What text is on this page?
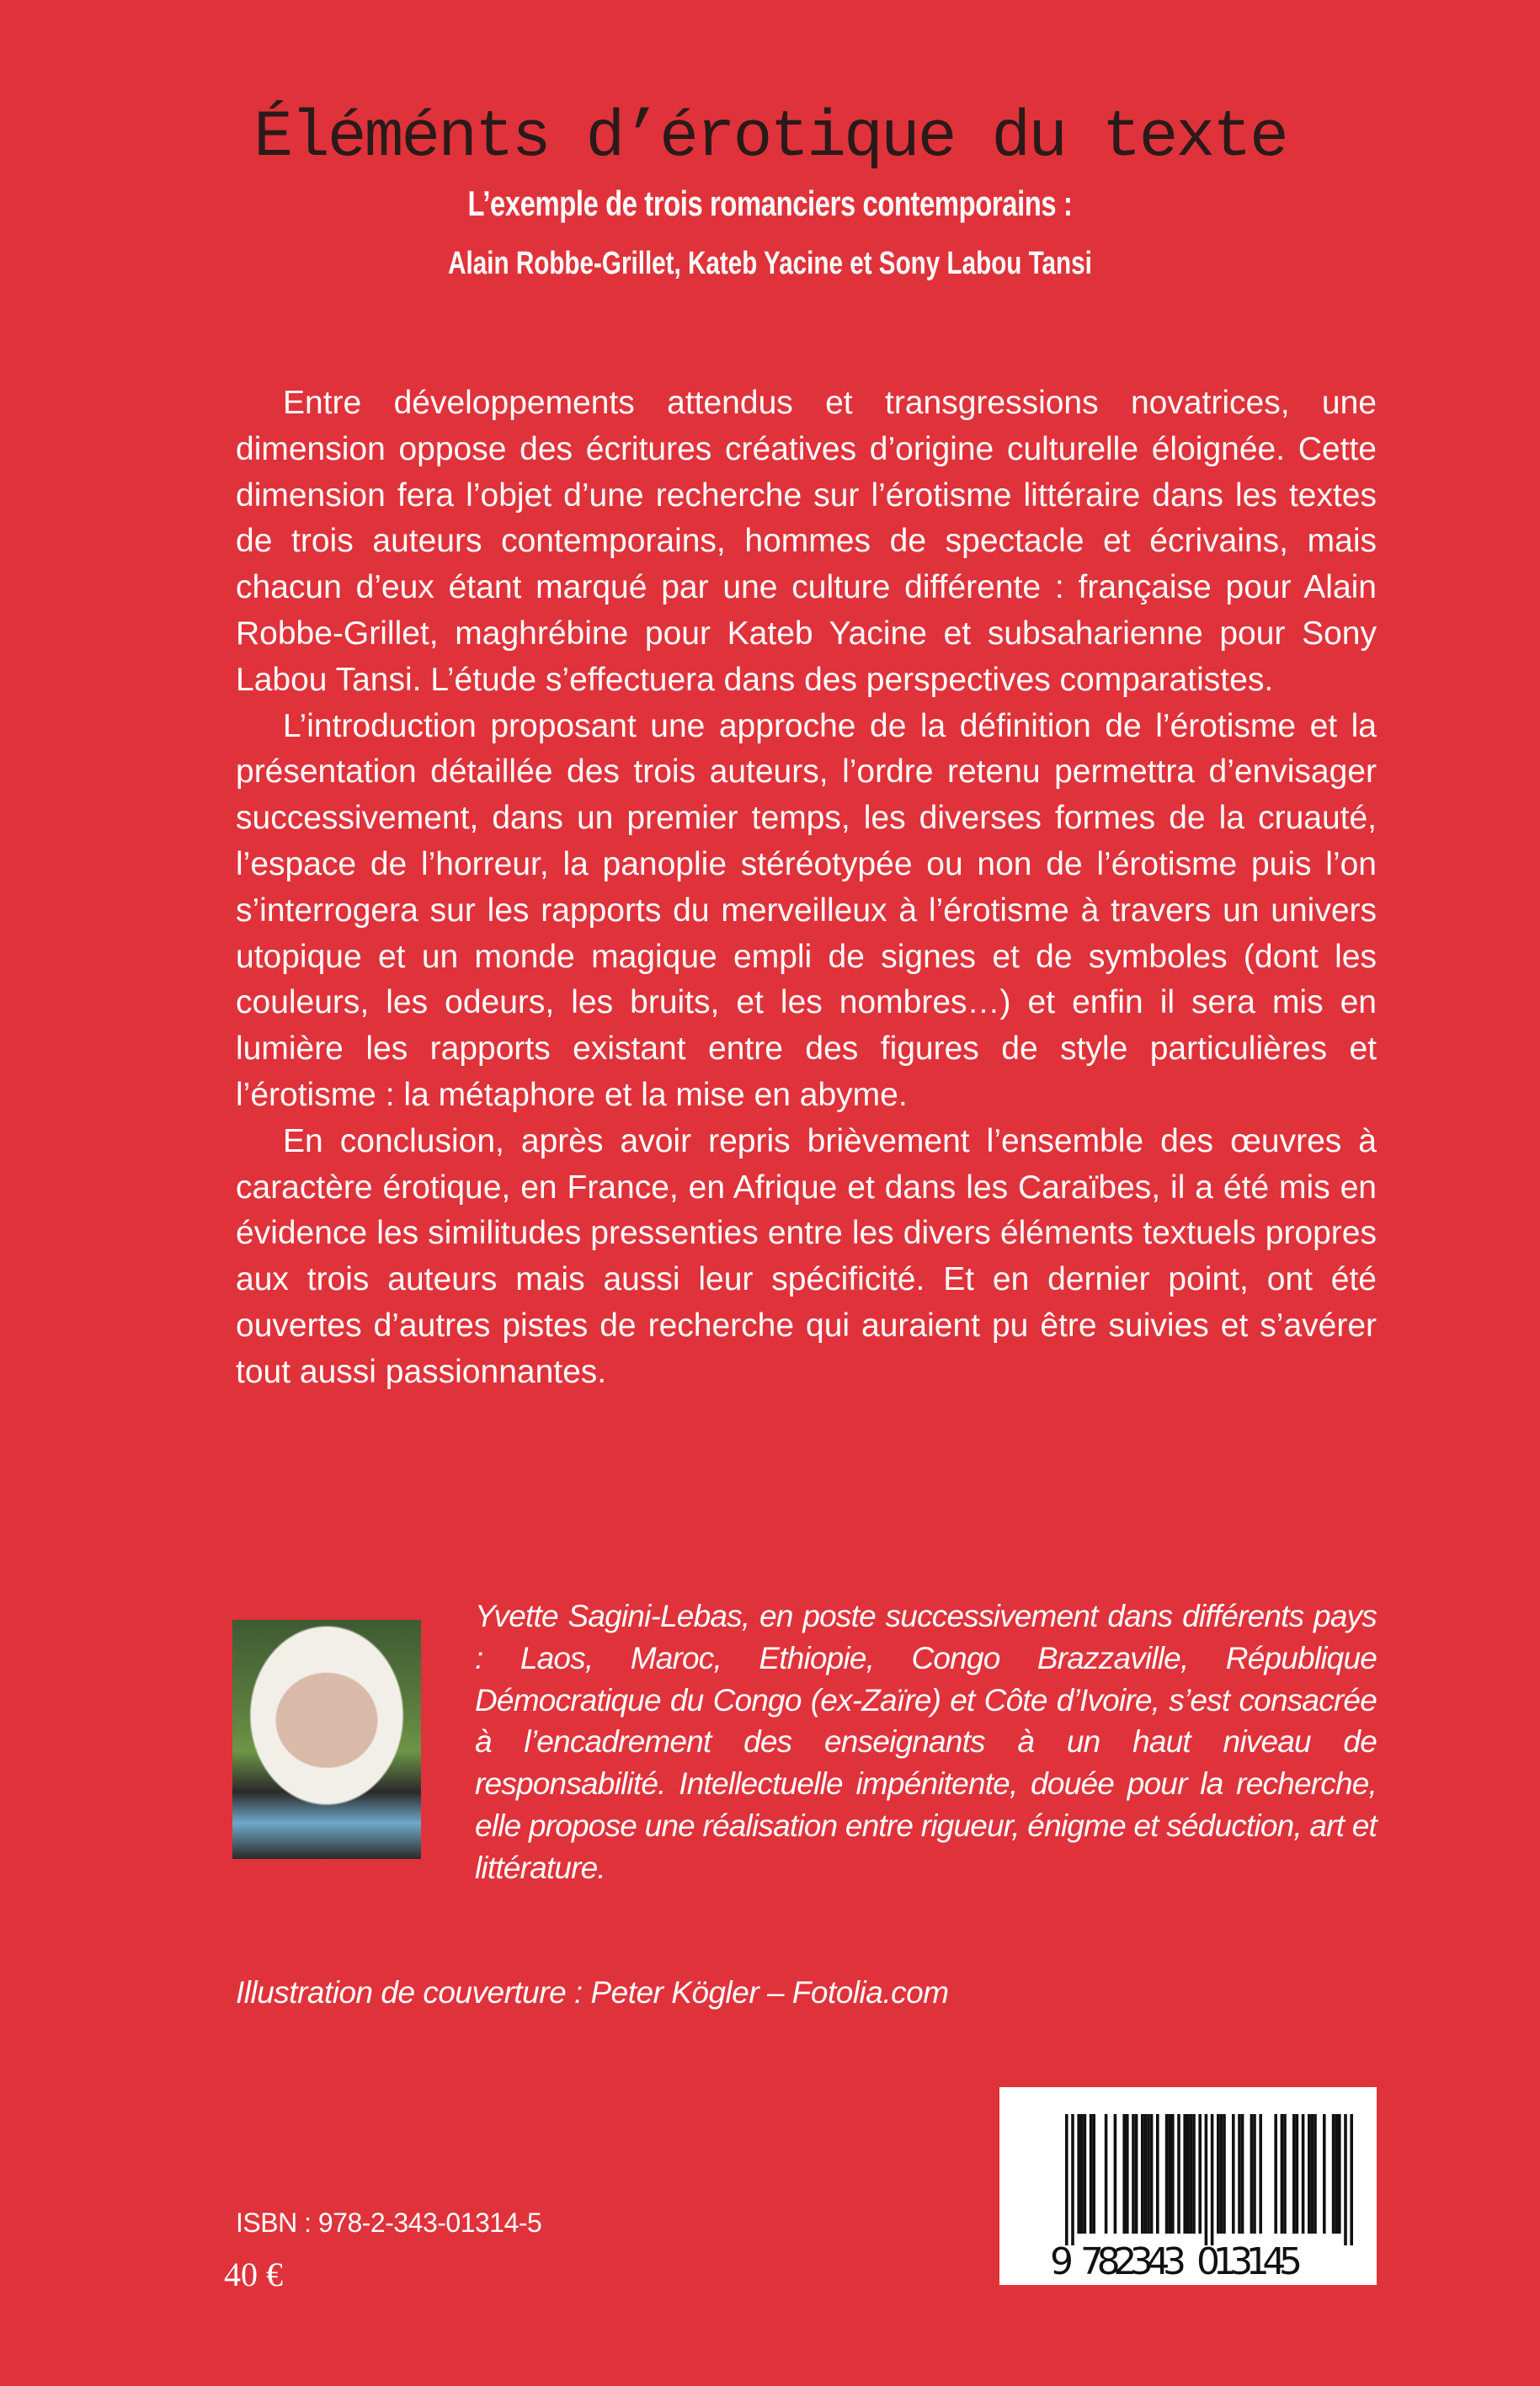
Éléménts d’érotique du texte
L’exemple de trois romanciers contemporains :
Alain Robbe-Grillet, Kateb Yacine et Sony Labou Tansi

Entre développements attendus et transgressions novatrices, une dimension oppose des écritures créatives d’origine culturelle éloignée. Cette dimension fera l’objet d’une recherche sur l’érotisme littéraire dans les textes de trois auteurs contemporains, hommes de spectacle et écrivains, mais chacun d’eux étant marqué par une culture différente : française pour Alain Robbe-Grillet, maghrébine pour Kateb Yacine et subsaharienne pour Sony Labou Tansi. L’étude s’effectuera dans des perspectives comparatistes.

L’introduction proposant une approche de la définition de l’érotisme et la présentation détaillée des trois auteurs, l’ordre retenu permettra d’envisager successivement, dans un premier temps, les diverses formes de la cruauté, l’espace de l’horreur, la panoplie stéréotypée ou non de l’érotisme puis l’on s’interrogera sur les rapports du merveilleux à l’érotisme à travers un univers utopique et un monde magique empli de signes et de symboles (dont les couleurs, les odeurs, les bruits, et les nombres…) et enfin il sera mis en lumière les rapports existant entre des figures de style particulières et l’érotisme : la métaphore et la mise en abyme.

En conclusion, après avoir repris brièvement l’ensemble des œuvres à caractère érotique, en France, en Afrique et dans les Caraïbes, il a été mis en évidence les similitudes pressenties entre les divers éléments textuels propres aux trois auteurs mais aussi leur spécificité. Et en dernier point, ont été ouvertes d’autres pistes de recherche qui auraient pu être suivies et s’avérer tout aussi passionnantes.

Yvette Sagini-Lebas, en poste successivement dans différents pays : Laos, Maroc, Ethiopie, Congo Brazzaville, République Démocratique du Congo (ex-Zaïre) et Côte d’Ivoire, s’est consacrée à l’encadrement des enseignants à un haut niveau de responsabilité. Intellectuelle impénitente, douée pour la recherche, elle propose une réalisation entre rigueur, énigme et séduction, art et littérature.
Illustration de couverture : Peter Kögler – Fotolia.com
ISBN : 978-2-343-01314-5
40 €	9 782343 013145
